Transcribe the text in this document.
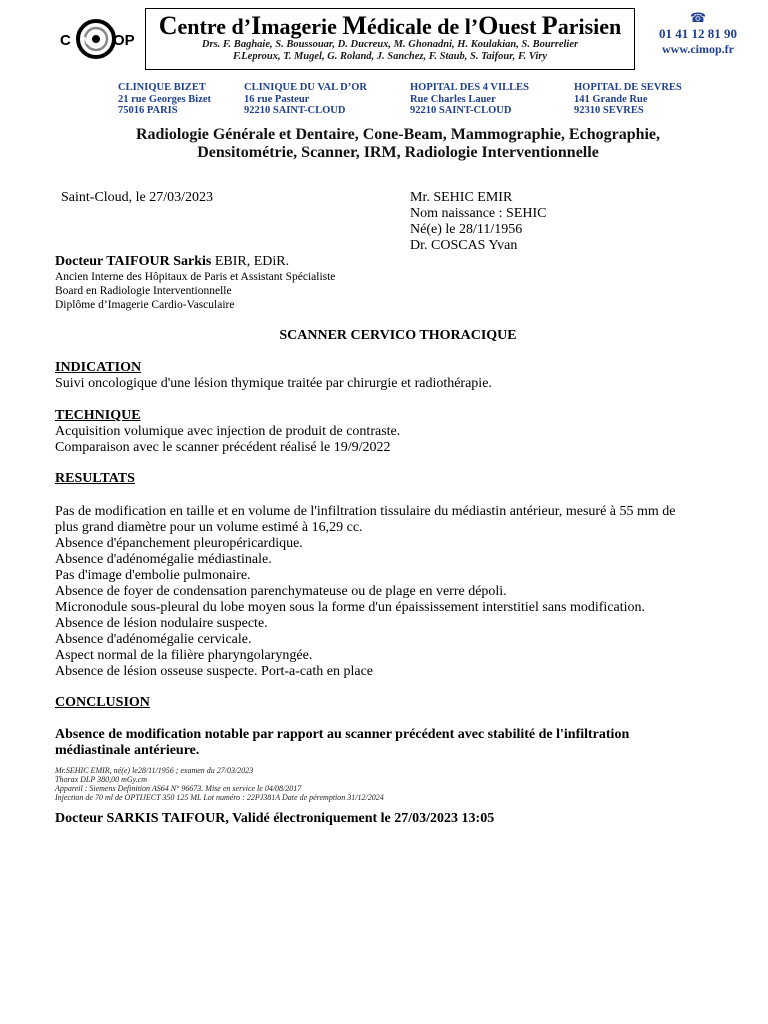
C IM OP
Centre d’Imagerie Médicale de l’Ouest Parisien
Drs. F. Baghaie, S. Boussouar, D. Ducreux, M. Ghonadni, H. Koulakian, S. Bourrelier
F.Leproux, T. Mugel, G. Roland, J. Sanchez, F. Staub, S. Taifour, F. Viry
☎
01 41 12 81 90
www.cimop.fr
CLINIQUE BIZET
21 rue Georges Bizet
75016 PARIS
CLINIQUE DU VAL D’OR
16 rue Pasteur
92210 SAINT-CLOUD
HOPITAL DES 4 VILLES
Rue Charles Lauer
92210 SAINT-CLOUD
HOPITAL DE SEVRES
141 Grande Rue
92310 SEVRES
Radiologie Générale et Dentaire, Cone-Beam, Mammographie, Echographie,
Densitométrie, Scanner, IRM, Radiologie Interventionnelle
Saint-Cloud, le 27/03/2023	Mr. SEHIC EMIR
Nom naissance : SEHIC
Né(e) le 28/11/1956
Dr. COSCAS Yvan
Docteur TAIFOUR Sarkis EBIR, EDiR.
Ancien Interne des Hôpitaux de Paris et Assistant Spécialiste
Board en Radiologie Interventionnelle
Diplôme d’Imagerie Cardio-Vasculaire
SCANNER CERVICO THORACIQUE
INDICATION
Suivi oncologique d'une lésion thymique traitée par chirurgie et radiothérapie.
TECHNIQUE
Acquisition volumique avec injection de produit de contraste.
Comparaison avec le scanner précédent réalisé le 19/9/2022
RESULTATS
Pas de modification en taille et en volume de l'infiltration tissulaire du médiastin antérieur, mesuré à 55 mm de
plus grand diamètre pour un volume estimé à 16,29 cc.
Absence d'épanchement pleuropéricardique.
Absence d'adénomégalie médiastinale.
Pas d'image d'embolie pulmonaire.
Absence de foyer de condensation parenchymateuse ou de plage en verre dépoli.
Micronodule sous-pleural du lobe moyen sous la forme d'un épaississement interstitiel sans modification.
Absence de lésion nodulaire suspecte.
Absence d'adénomégalie cervicale.
Aspect normal de la filière pharyngolaryngée.
Absence de lésion osseuse suspecte. Port-a-cath en place
CONCLUSION
Absence de modification notable par rapport au scanner précédent avec stabilité de l'infiltration
médiastinale antérieure.
Mr.SEHIC EMIR, né(e) le28/11/1956 ; examen du 27/03/2023
Thorax DLP 380,00 mGy.cm
Appareil : Siemens Definition AS64 N° 96673. Mise en service le 04/08/2017
Injection de 70 ml de OPTIJECT 350 125 ML Lot numéro : 22PJ381A Date de péremption 31/12/2024
Docteur SARKIS TAIFOUR, Validé électroniquement le 27/03/2023 13:05
